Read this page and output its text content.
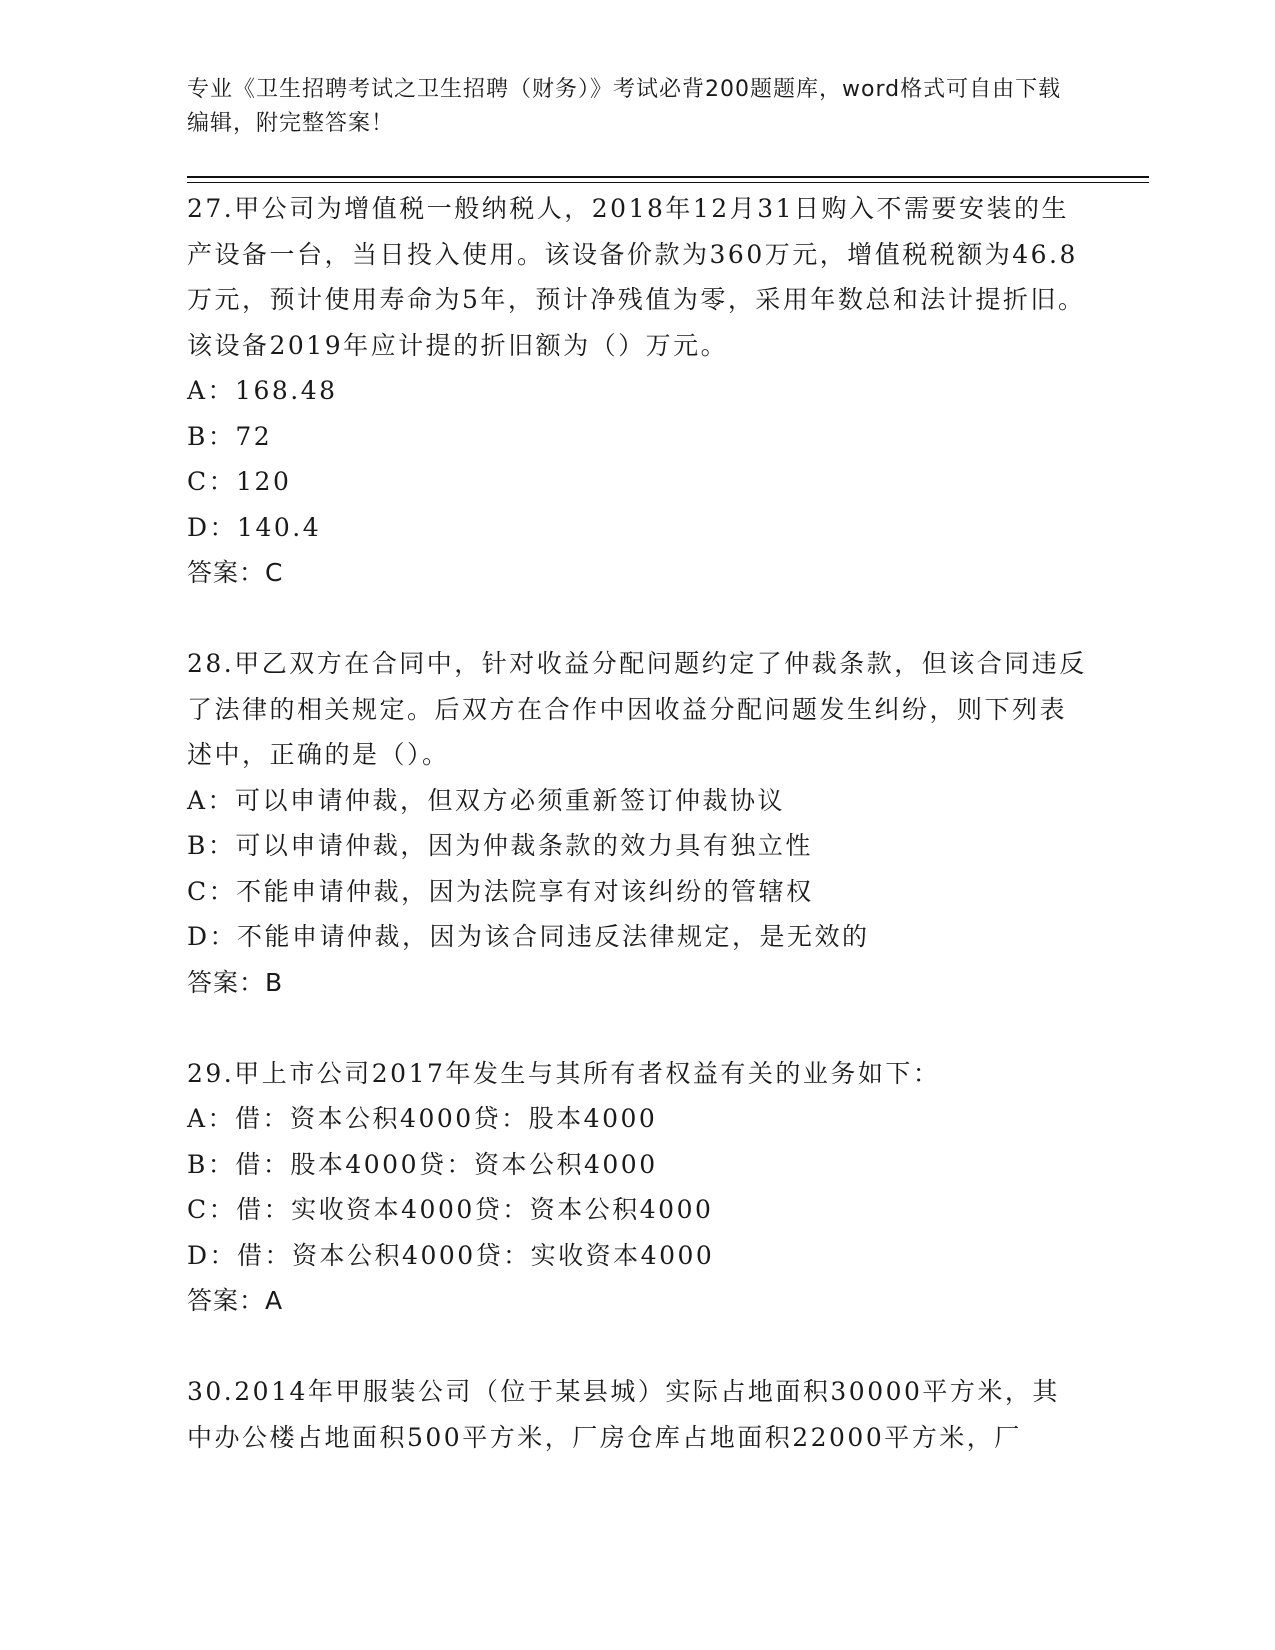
专业《卫生招聘考试之卫生招聘（财务）》考试必背200题题库，word格式可自由下载编辑，附完整答案！

27.甲公司为增值税一般纳税人，2018年12月31日购入不需要安装的生产设备一台，当日投入使用。该设备价款为360万元，增值税税额为46.8万元，预计使用寿命为5年，预计净残值为零，采用年数总和法计提折旧。该设备2019年应计提的折旧额为（）万元。

A：168.48

B：72

C：120

D：140.4

答案：C

28.甲乙双方在合同中，针对收益分配问题约定了仲裁条款，但该合同违反了法律的相关规定。后双方在合作中因收益分配问题发生纠纷，则下列表述中，正确的是（）。

A：可以申请仲裁，但双方必须重新签订仲裁协议

B：可以申请仲裁，因为仲裁条款的效力具有独立性

C：不能申请仲裁，因为法院享有对该纠纷的管辖权

D：不能申请仲裁，因为该合同违反法律规定，是无效的

答案：B

29.甲上市公司2017年发生与其所有者权益有关的业务如下：

A：借：资本公积4000贷：股本4000

B：借：股本4000贷：资本公积4000

C：借：实收资本4000贷：资本公积4000

D：借：资本公积4000贷：实收资本4000

答案：A

30.2014年甲服装公司（位于某县城）实际占地面积30000平方米，其中办公楼占地面积500平方米，厂房仓库占地面积22000平方米，厂
